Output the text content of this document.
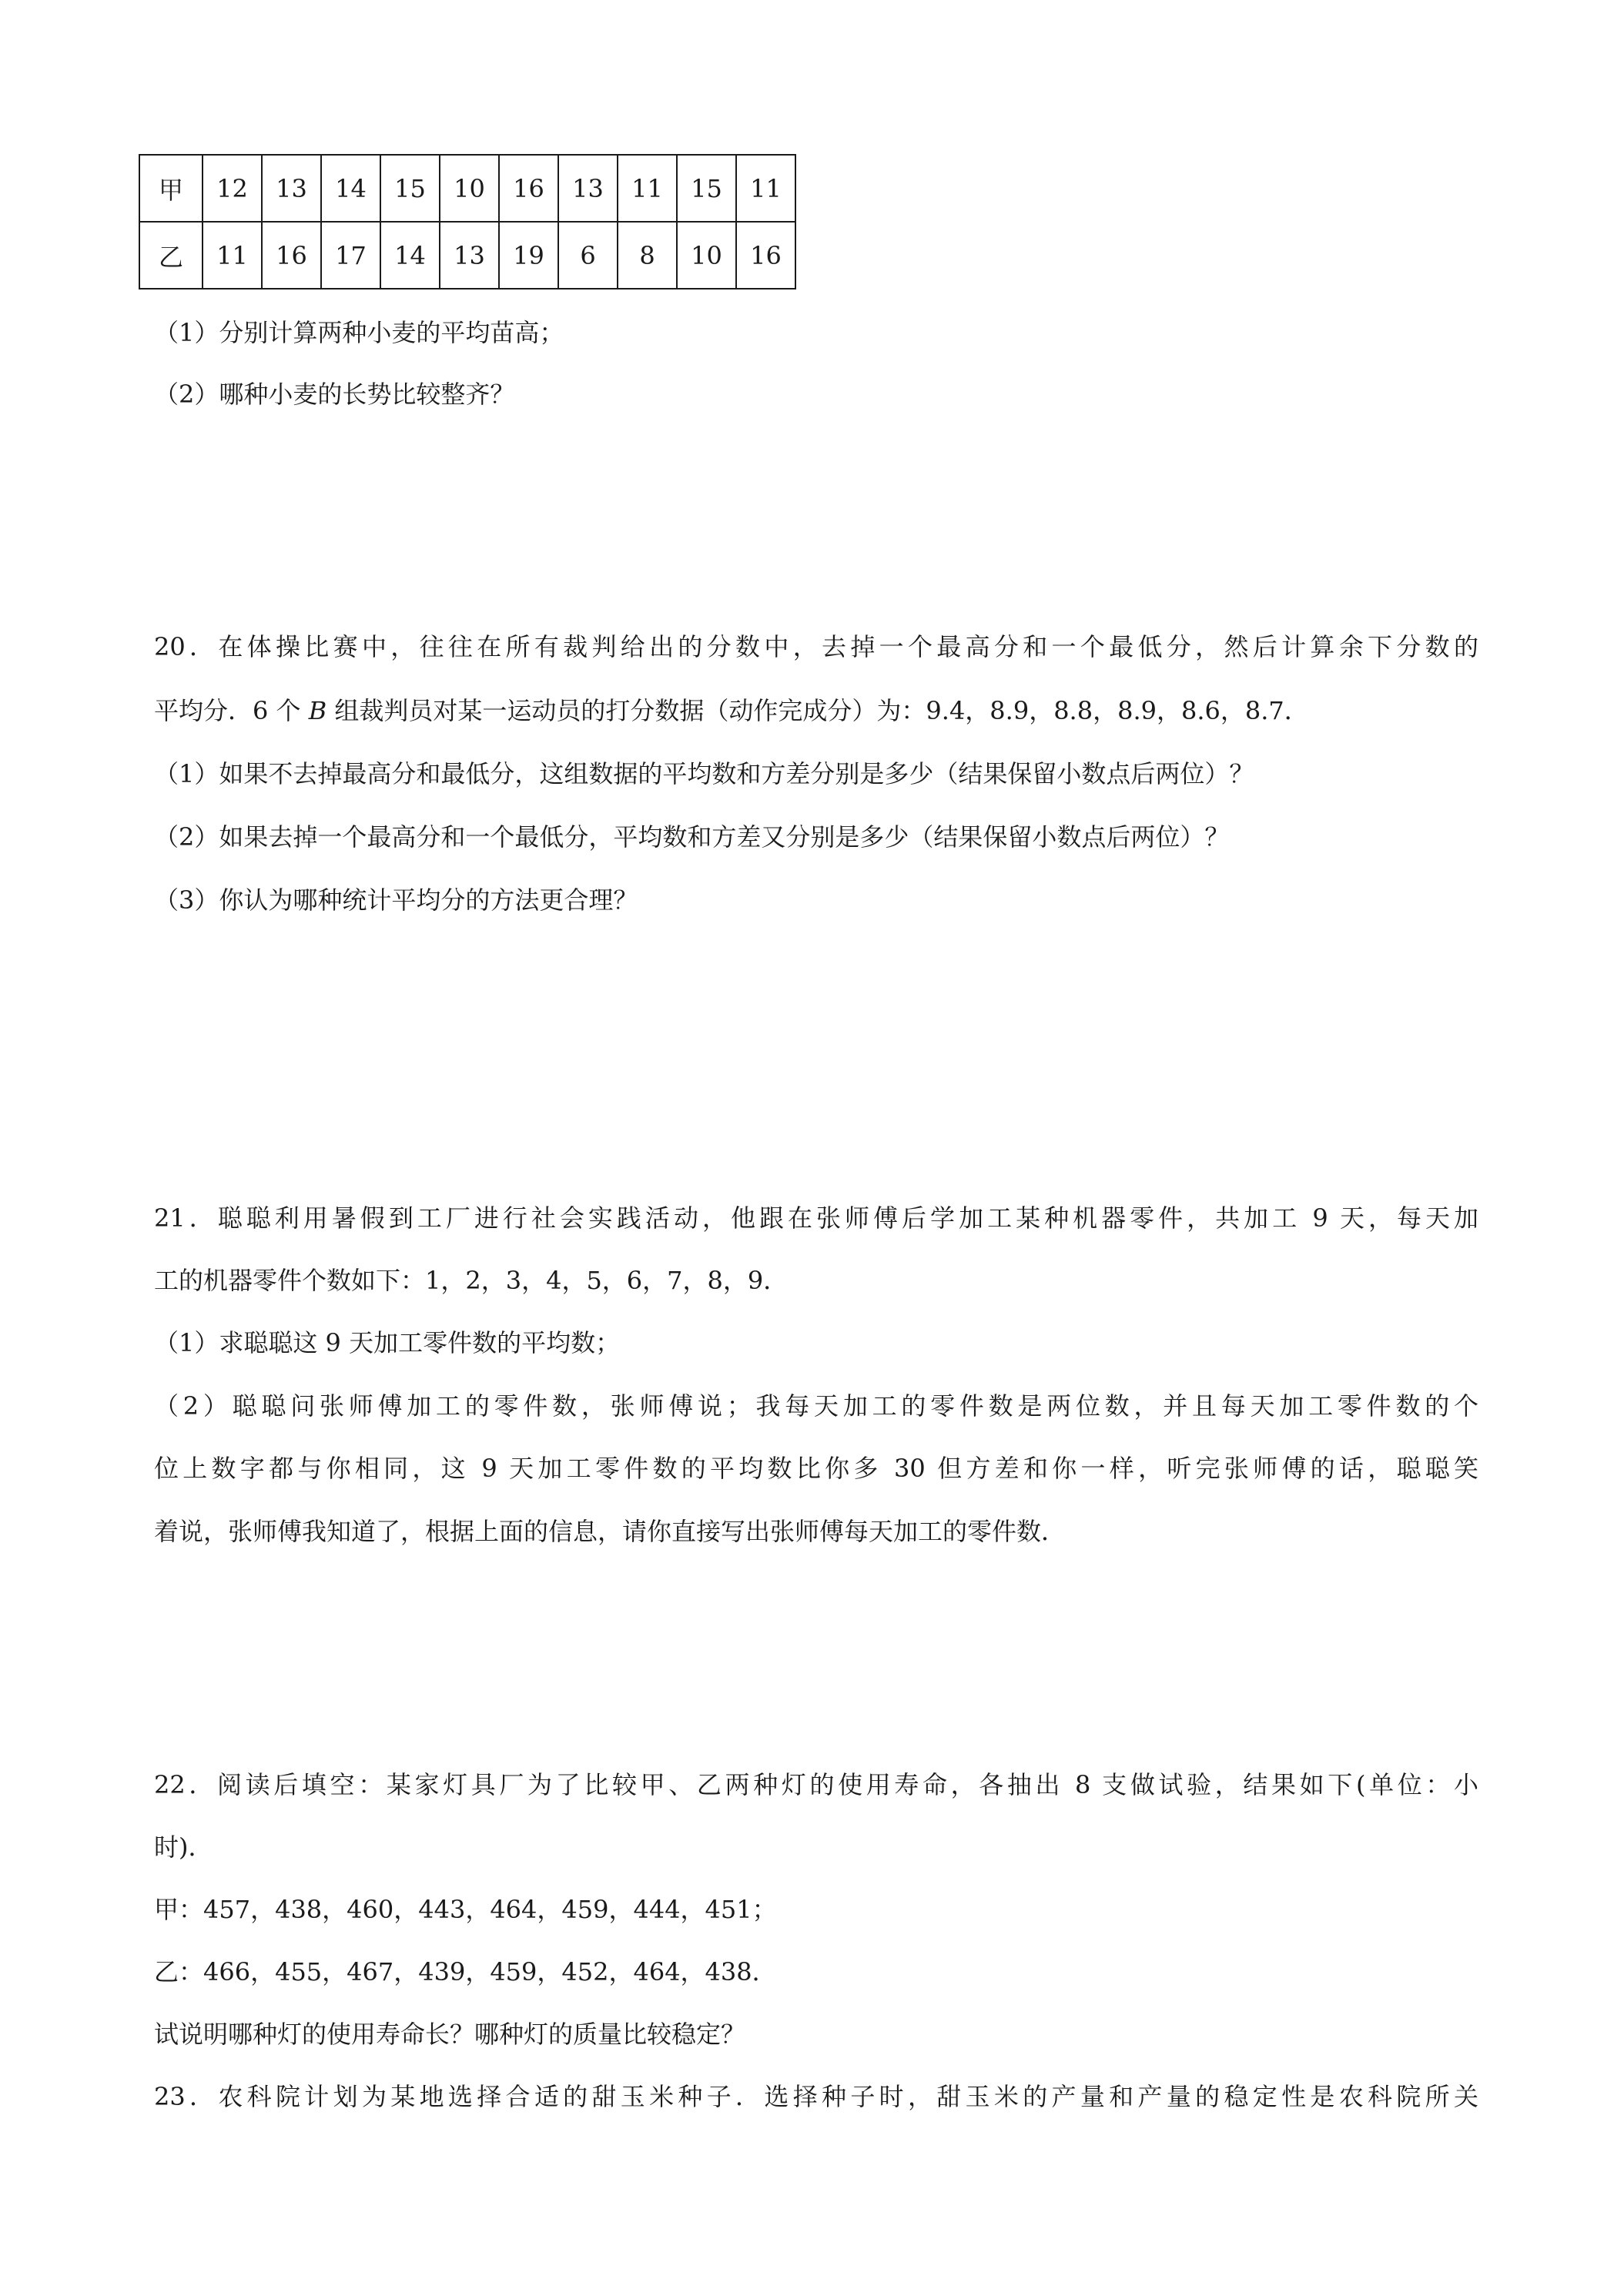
甲	12	13	14	15	10	16	13	11	15	11
乙	11	16	17	14	13	19	6	8	10	16
（1）分别计算两种小麦的平均苗高；
（2）哪种小麦的长势比较整齐？
20．在体操比赛中，往往在所有裁判给出的分数中，去掉一个最高分和一个最低分，然后计算余下分数的
平均分．6 个 B 组裁判员对某一运动员的打分数据（动作完成分）为：9.4，8.9，8.8，8.9，8.6，8.7．
（1）如果不去掉最高分和最低分，这组数据的平均数和方差分别是多少（结果保留小数点后两位）？
（2）如果去掉一个最高分和一个最低分，平均数和方差又分别是多少（结果保留小数点后两位）？
（3）你认为哪种统计平均分的方法更合理？
21．聪聪利用暑假到工厂进行社会实践活动，他跟在张师傅后学加工某种机器零件，共加工 9 天，每天加
工的机器零件个数如下：1，2，3，4，5，6，7，8，9．
（1）求聪聪这 9 天加工零件数的平均数；
（2）聪聪问张师傅加工的零件数，张师傅说；我每天加工的零件数是两位数，并且每天加工零件数的个
位上数字都与你相同，这 9 天加工零件数的平均数比你多 30 但方差和你一样，听完张师傅的话，聪聪笑
着说，张师傅我知道了，根据上面的信息，请你直接写出张师傅每天加工的零件数．
22．阅读后填空：某家灯具厂为了比较甲、乙两种灯的使用寿命，各抽出 8 支做试验，结果如下(单位：小
时)．
甲：457，438，460，443，464，459，444，451；
乙：466，455，467，439，459，452，464，438．
试说明哪种灯的使用寿命长？哪种灯的质量比较稳定？
23．农科院计划为某地选择合适的甜玉米种子．选择种子时，甜玉米的产量和产量的稳定性是农科院所关
